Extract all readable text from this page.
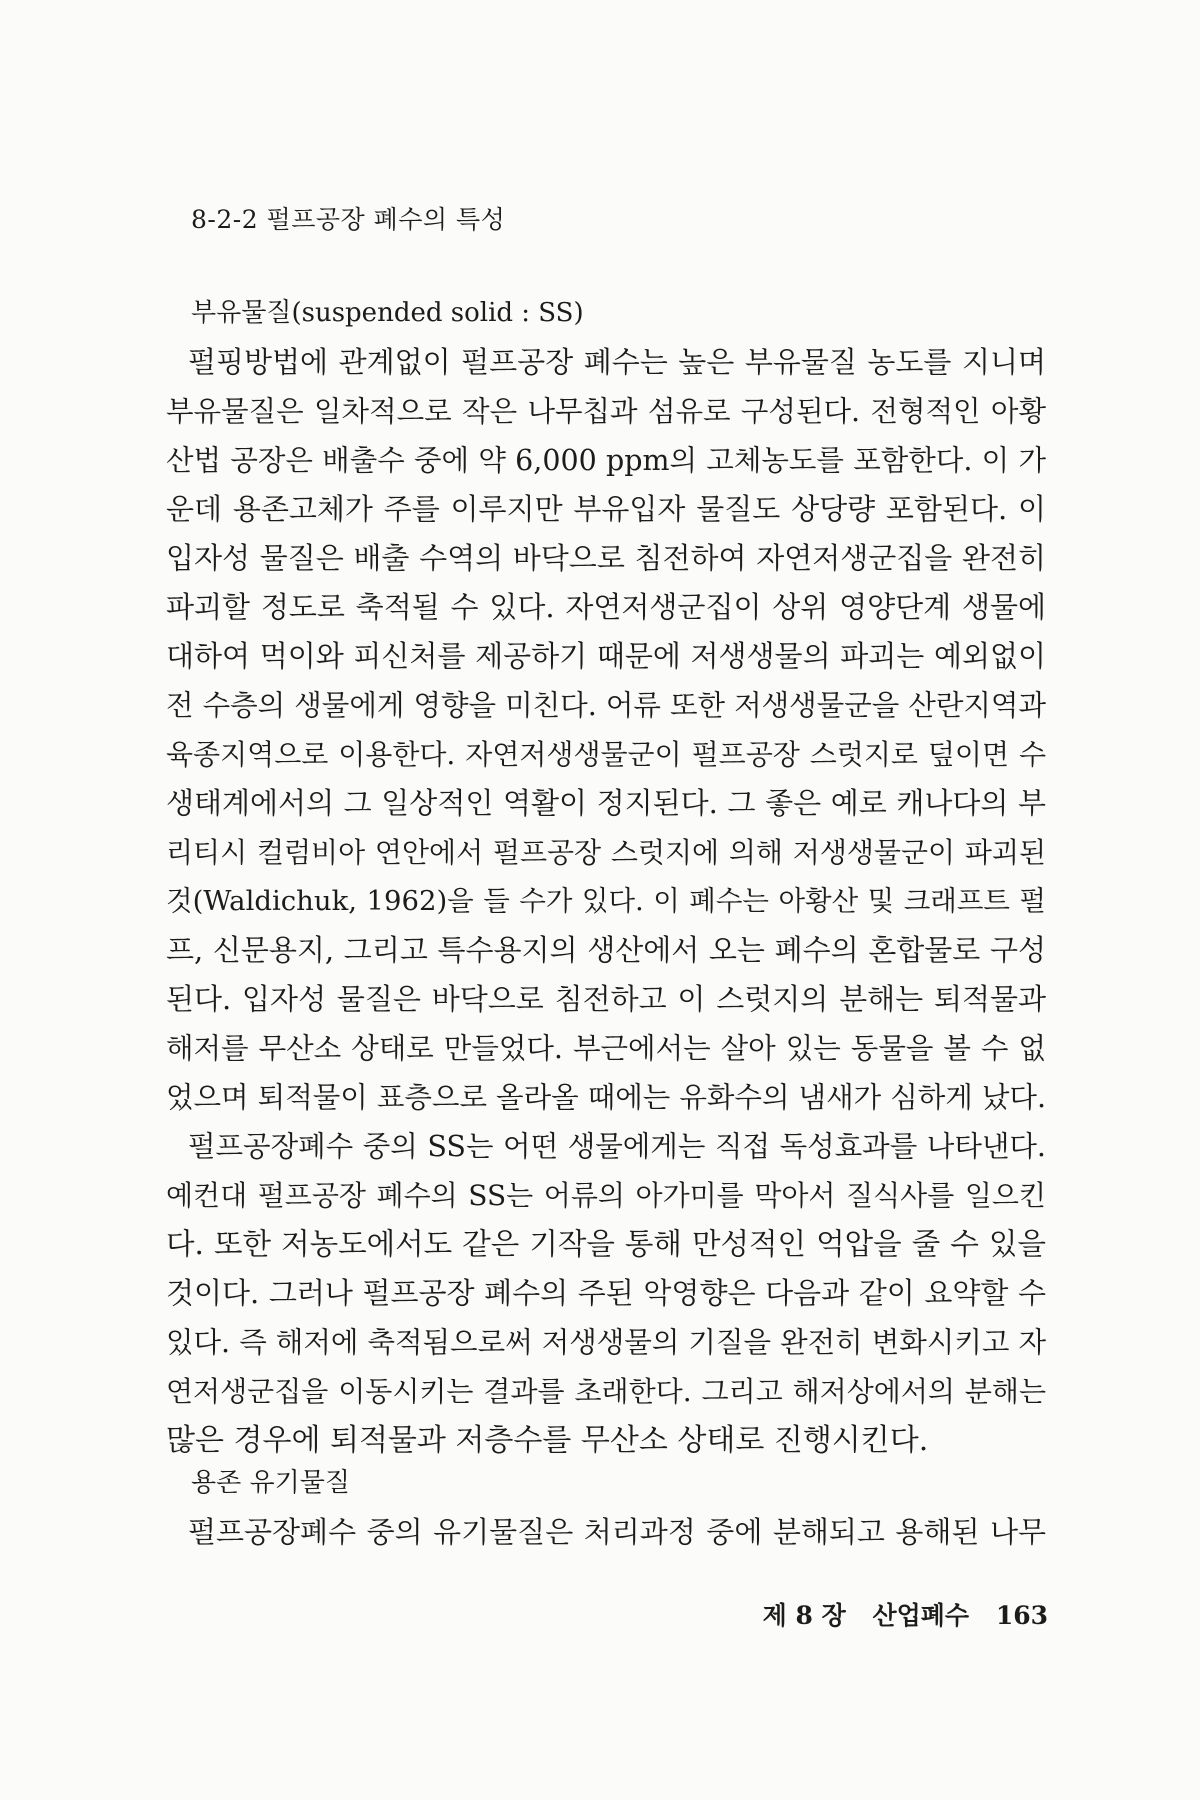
8-2-2 펄프공장 폐수의 특성
부유물질(suspended solid : SS)
펄핑방법에 관계없이 펄프공장 폐수는 높은 부유물질 농도를 지니며
부유물질은 일차적으로 작은 나무칩과 섬유로 구성된다. 전형적인 아황
산법 공장은 배출수 중에 약 6,000 ppm의 고체농도를 포함한다. 이 가
운데 용존고체가 주를 이루지만 부유입자 물질도 상당량 포함된다. 이
입자성 물질은 배출 수역의 바닥으로 침전하여 자연저생군집을 완전히
파괴할 정도로 축적될 수 있다. 자연저생군집이 상위 영양단계 생물에
대하여 먹이와 피신처를 제공하기 때문에 저생생물의 파괴는 예외없이
전 수층의 생물에게 영향을 미친다. 어류 또한 저생생물군을 산란지역과
육종지역으로 이용한다. 자연저생생물군이 펄프공장 스럿지로 덮이면 수
생태계에서의 그 일상적인 역활이 정지된다. 그 좋은 예로 캐나다의 부
리티시 컬럼비아 연안에서 펄프공장 스럿지에 의해 저생생물군이 파괴된
것(Waldichuk, 1962)을 들 수가 있다. 이 폐수는 아황산 및 크래프트 펄
프, 신문용지, 그리고 특수용지의 생산에서 오는 폐수의 혼합물로 구성
된다. 입자성 물질은 바닥으로 침전하고 이 스럿지의 분해는 퇴적물과
해저를 무산소 상태로 만들었다. 부근에서는 살아 있는 동물을 볼 수 없
었으며 퇴적물이 표층으로 올라올 때에는 유화수의 냄새가 심하게 났다.
펄프공장폐수 중의 SS는 어떤 생물에게는 직접 독성효과를 나타낸다.
예컨대 펄프공장 폐수의 SS는 어류의 아가미를 막아서 질식사를 일으킨
다. 또한 저농도에서도 같은 기작을 통해 만성적인 억압을 줄 수 있을
것이다. 그러나 펄프공장 폐수의 주된 악영향은 다음과 같이 요약할 수
있다. 즉 해저에 축적됨으로써 저생생물의 기질을 완전히 변화시키고 자
연저생군집을 이동시키는 결과를 초래한다. 그리고 해저상에서의 분해는
많은 경우에 퇴적물과 저층수를 무산소 상태로 진행시킨다.
용존 유기물질
펄프공장폐수 중의 유기물질은 처리과정 중에 분해되고 용해된 나무
제 8 장 산업폐수 163
